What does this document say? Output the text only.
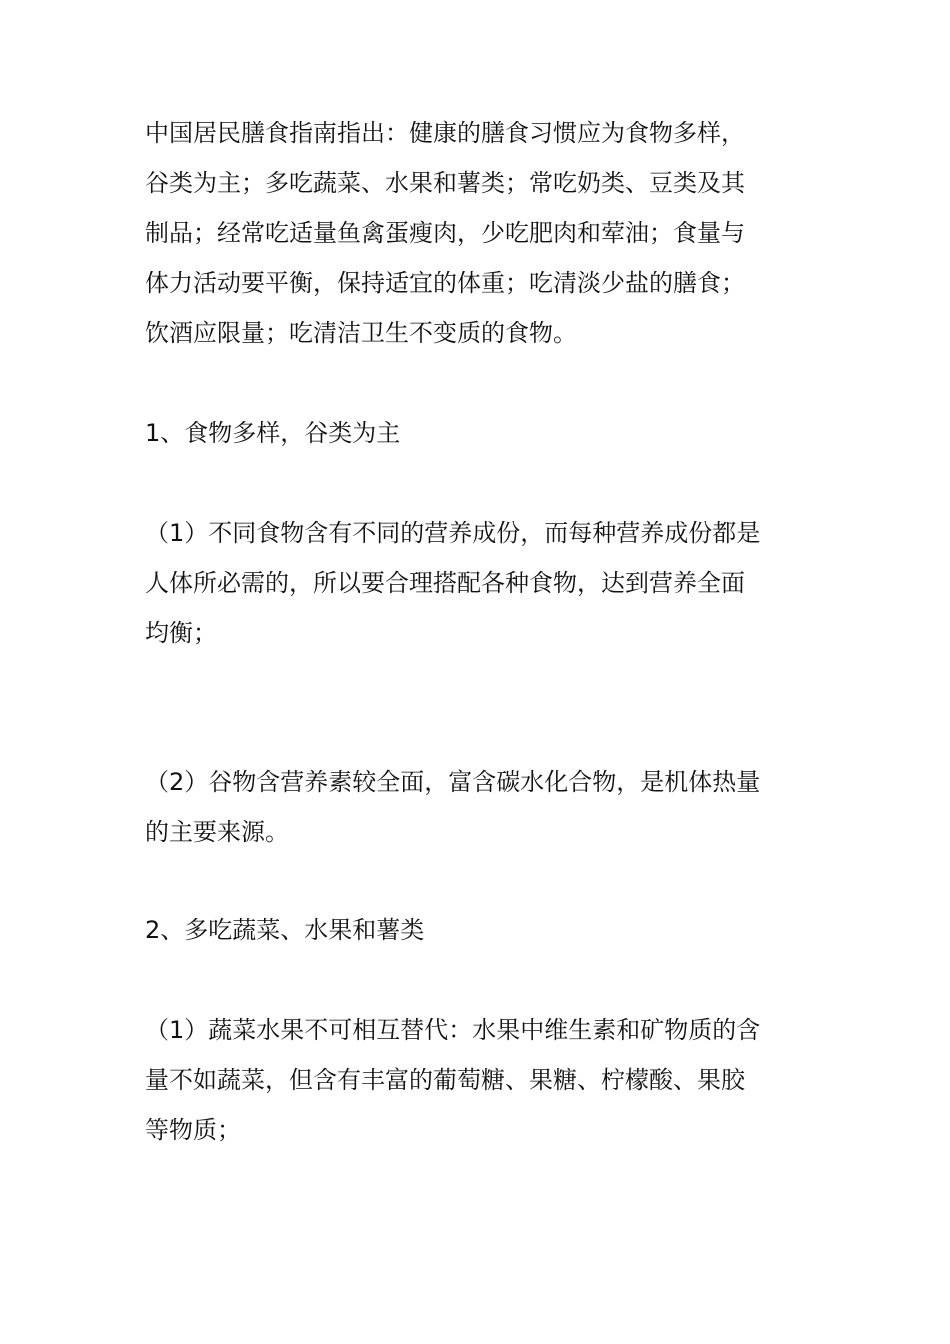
中国居民膳食指南指出：健康的膳食习惯应为食物多样，
谷类为主；多吃蔬菜、水果和薯类；常吃奶类、豆类及其
制品；经常吃适量鱼禽蛋瘦肉，少吃肥肉和荤油；食量与
体力活动要平衡，保持适宜的体重；吃清淡少盐的膳食；
饮酒应限量；吃清洁卫生不变质的食物。
1、食物多样，谷类为主
（1）不同食物含有不同的营养成份，而每种营养成份都是
人体所必需的，所以要合理搭配各种食物，达到营养全面
均衡；
（2）谷物含营养素较全面，富含碳水化合物，是机体热量
的主要来源。
2、多吃蔬菜、水果和薯类
（1）蔬菜水果不可相互替代：水果中维生素和矿物质的含
量不如蔬菜，但含有丰富的葡萄糖、果糖、柠檬酸、果胶
等物质；
